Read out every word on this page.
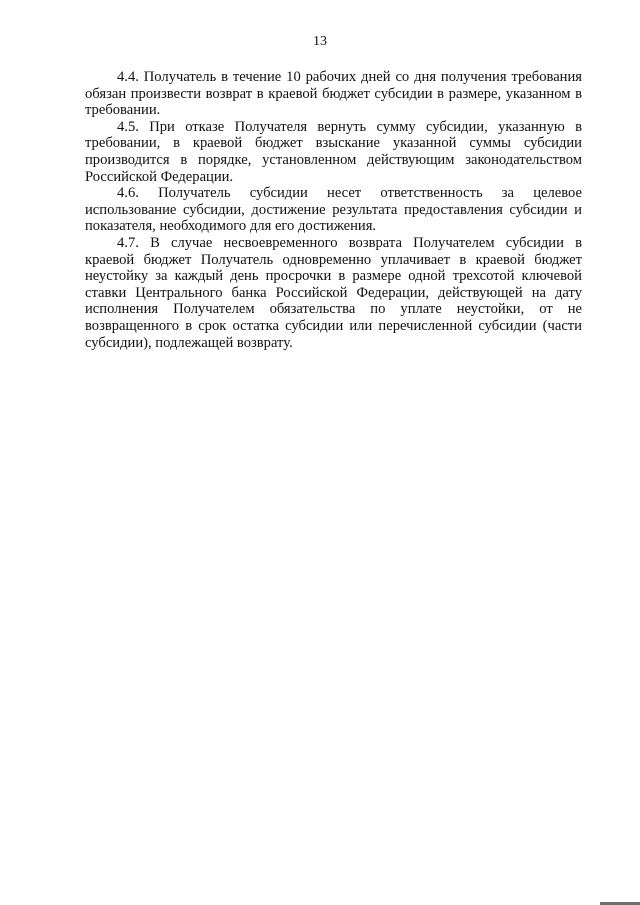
13

4.4. Получатель в течение 10 рабочих дней со дня получения требования обязан произвести возврат в краевой бюджет субсидии в размере, указанном в требовании.

4.5. При отказе Получателя вернуть сумму субсидии, указанную в требовании, в краевой бюджет взыскание указанной суммы субсидии производится в порядке, установленном действующим законодательством Российской Федерации.

4.6. Получатель субсидии несет ответственность за целевое использование субсидии, достижение результата предоставления субсидии и показателя, необходимого для его достижения.

4.7. В случае несвоевременного возврата Получателем субсидии в краевой бюджет Получатель одновременно уплачивает в краевой бюджет неустойку за каждый день просрочки в размере одной трехсотой ключевой ставки Центрального банка Российской Федерации, действующей на дату исполнения Получателем обязательства по уплате неустойки, от не возвращенного в срок остатка субсидии или перечисленной субсидии (части субсидии), подлежащей возврату.
